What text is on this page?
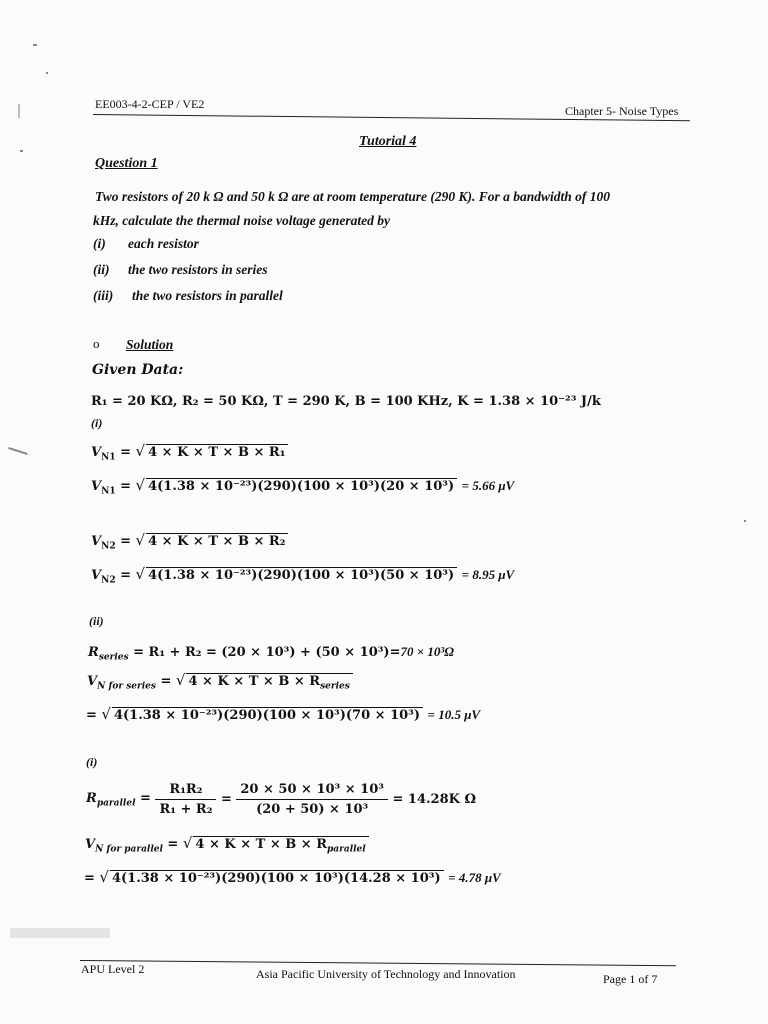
EE003-4-2-CEP / VE2	Chapter 5- Noise Types
Tutorial 4
Question 1
Two resistors of 20 k Ω and 50 k Ω are at room temperature (290 K). For a bandwidth of 100
kHz, calculate the thermal noise voltage generated by
(i) each resistor
(ii) the two resistors in series
(iii) the two resistors in parallel
o Solution
Given Data:
R₁ = 20 KΩ, R₂ = 50 KΩ, T = 290 K, B = 100 KHz, K = 1.38 × 10⁻²³ J/k
(i)
$V_{N1}$ = √ 4 × K × T × B × R₁
$V_{N1}$ = √ 4(1.38 × 10⁻²³)(290)(100 × 10³)(20 × 10³) = 5.66 μV
$V_{N2}$ = √ 4 × K × T × B × R₂
$V_{N2}$ = √ 4(1.38 × 10⁻²³)(290)(100 × 10³)(50 × 10³) = 8.95 μV
(ii)
$R_{series} = R_1 + R_2 = (20 \times 10^3) + (50 \times 10^3)=70 \times 10^3\Omega$
$V_{N for series}$ = √ $4 \times K \times T \times B \times R_{series}$
= √ 4(1.38 × 10⁻²³)(290)(100 × 10³)(70 × 10³) = 10.5 μV
(i)
$R_{parallel} = \frac{\text{R₁R₂}}{\text{R₁ + R₂}} = \frac{\text{20 × 50 × 10³ × 10³}}{\text{(20 + 50) × 10³}} = 14.28K$ Ω
$V_{N for parallel}$ = √ $4 \times K \times T \times B \times R_{parallel}$
= √ 4(1.38 × 10⁻²³)(290)(100 × 10³)(14.28 × 10³) = 4.78 μV
APU Level 2	Asia Pacific University of Technology and Innovation	Page 1 of 7
